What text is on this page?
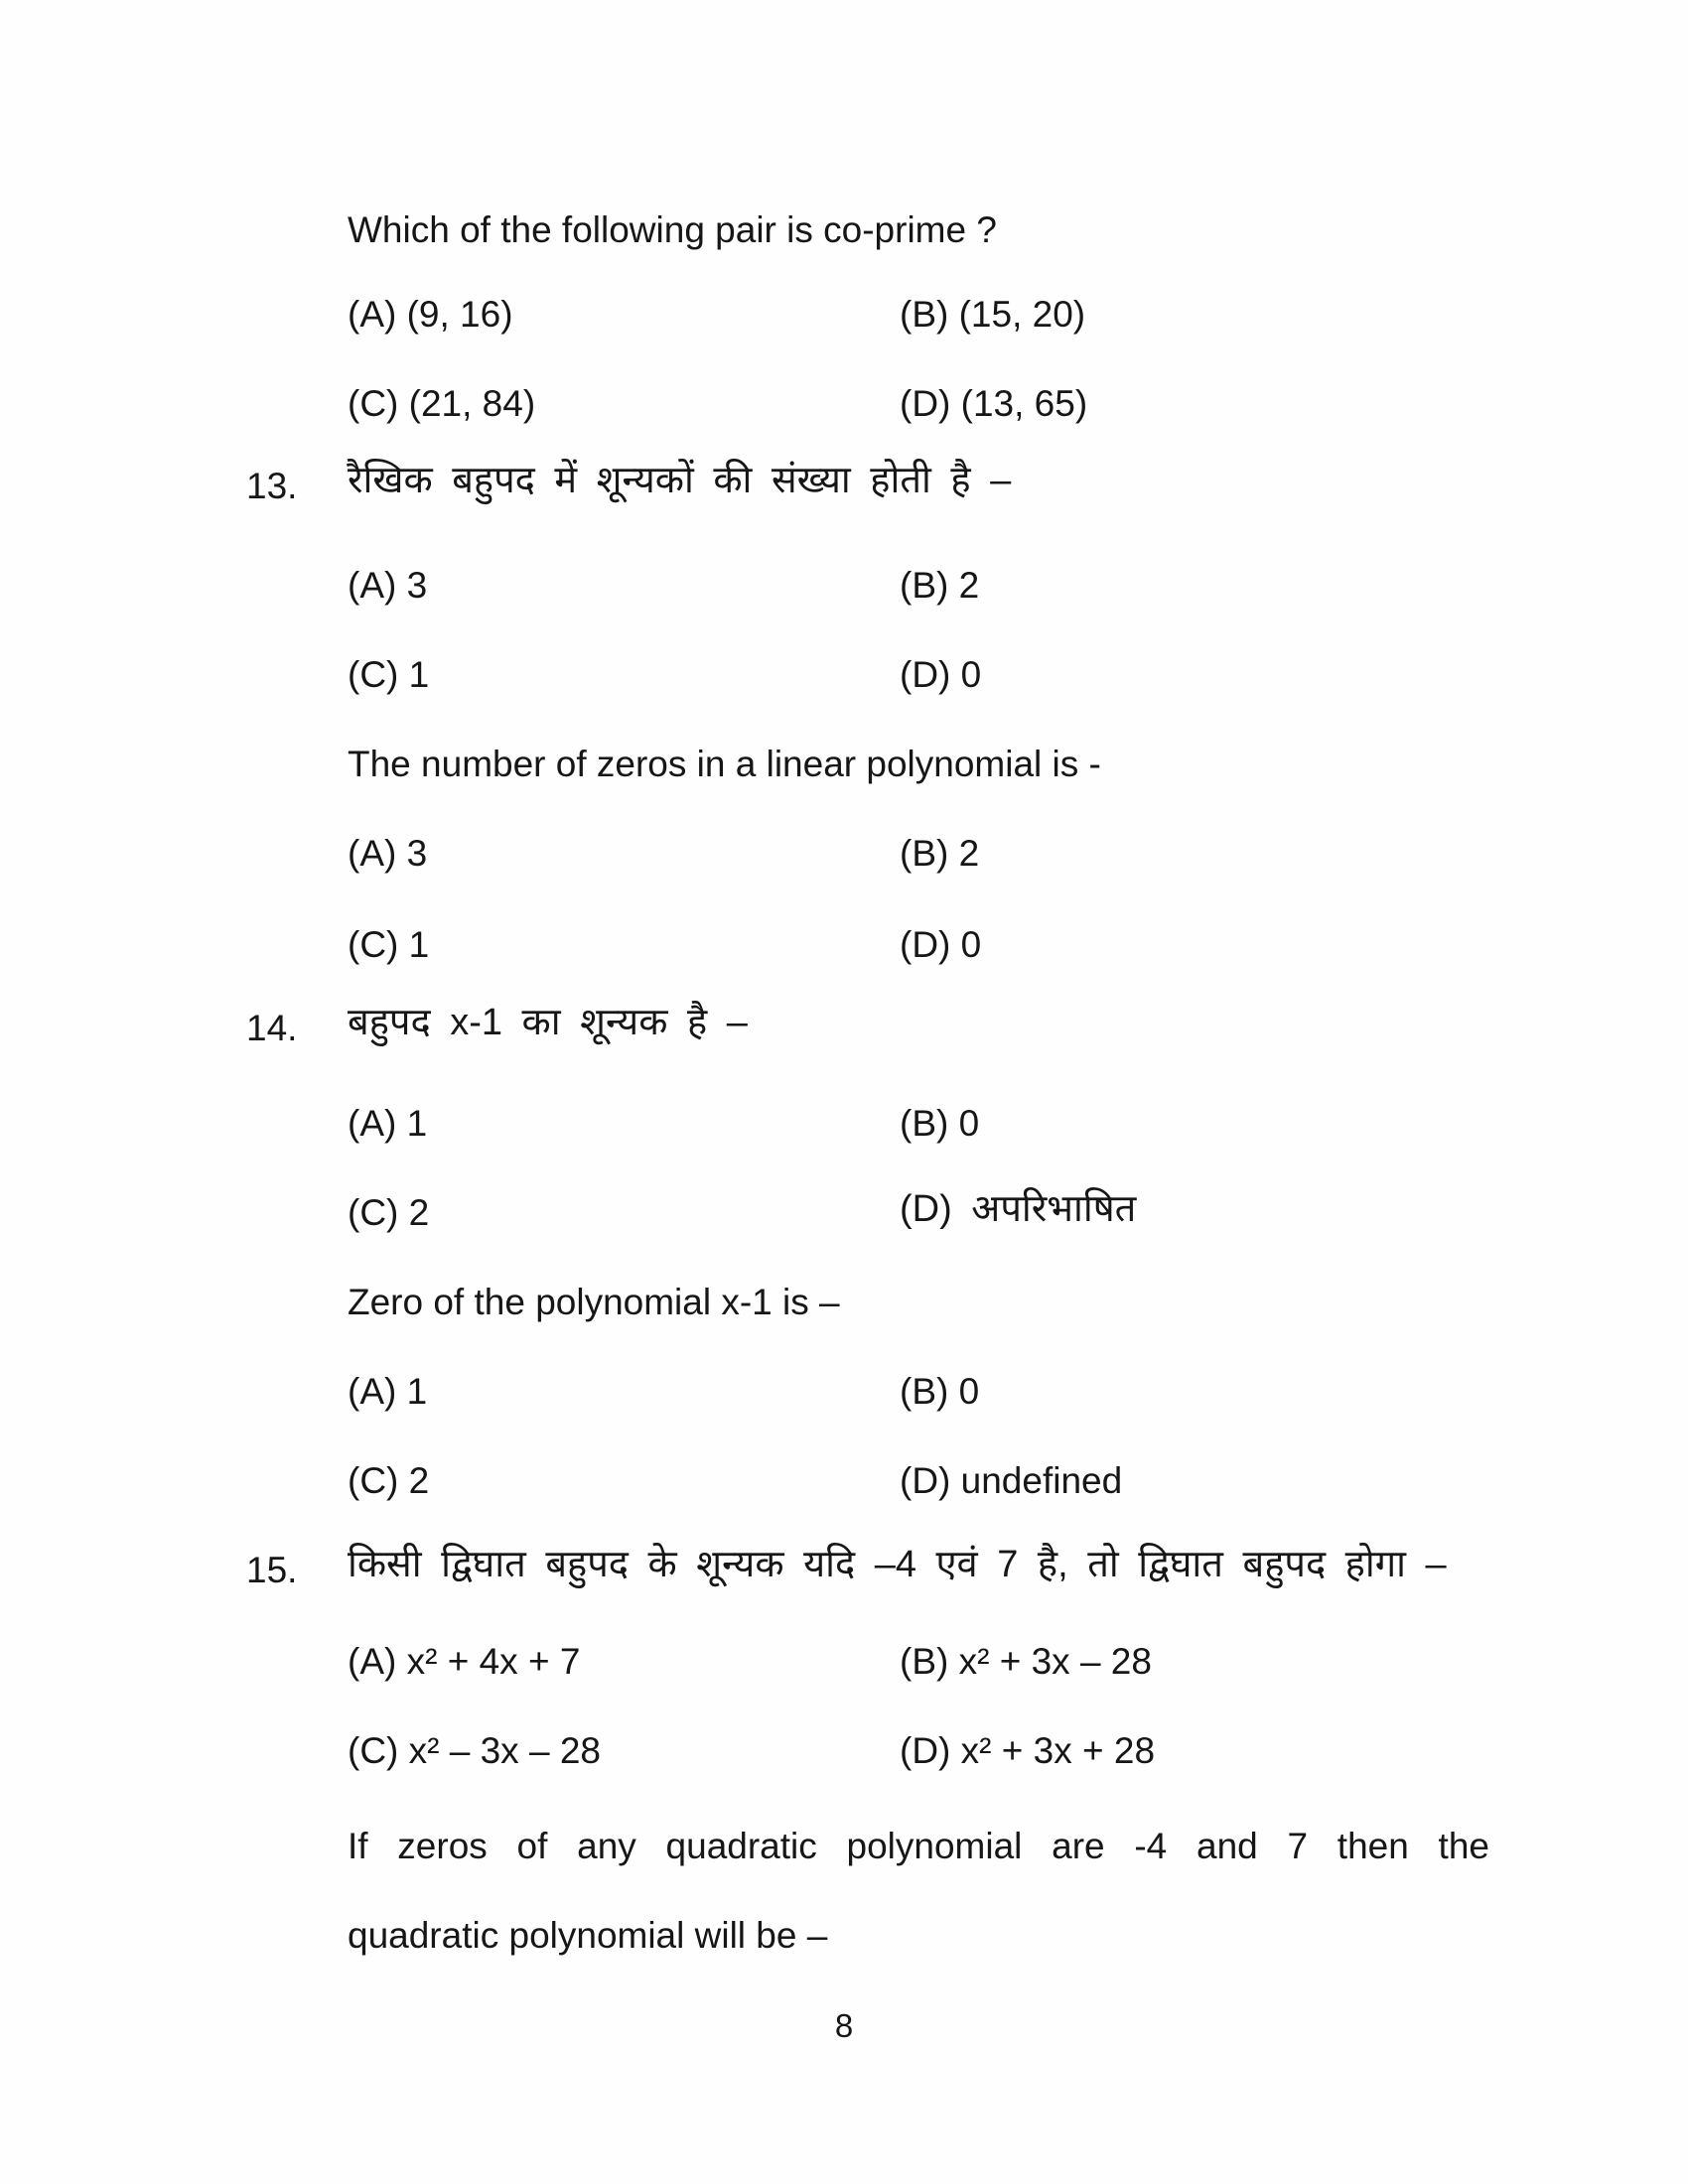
Which of the following pair is co-prime ?
(A) (9, 16)	(B) (15, 20)
(C) (21, 84)	(D) (13, 65)
13. रैखिक बहुपद में शून्यकों की संख्या होती है –
(A) 3	(B) 2
(C) 1	(D) 0
The number of zeros in a linear polynomial is -
(A) 3	(B) 2
(C) 1	(D) 0
14. बहुपद x-1 का शून्यक है –
(A) 1	(B) 0
(C) 2	(D) अपरिभाषित
Zero of the polynomial x-1 is –
(A) 1	(B) 0
(C) 2	(D) undefined
15. किसी द्विघात बहुपद के शून्यक यदि –4 एवं 7 है, तो द्विघात बहुपद होगा –
(A) x² + 4x + 7	(B) x² + 3x – 28
(C) x² – 3x – 28	(D) x² + 3x + 28
If zeros of any quadratic polynomial are -4 and 7 then the
quadratic polynomial will be –
8
